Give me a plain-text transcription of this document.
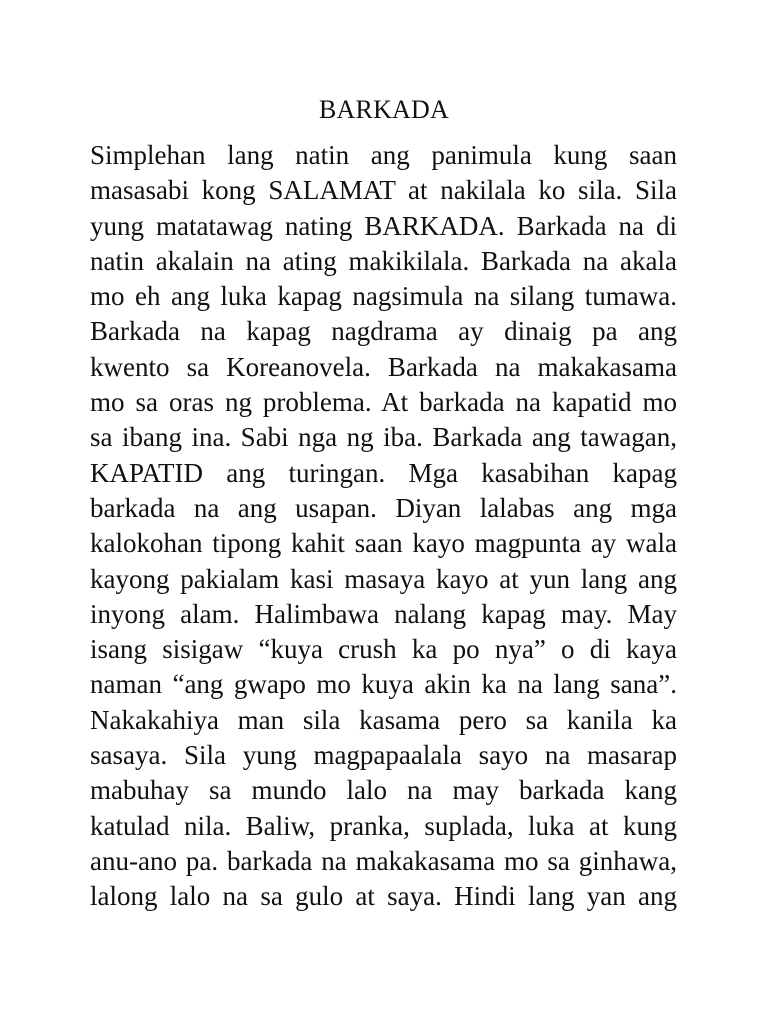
BARKADA
Simplehan lang natin ang panimula kung saan
masasabi kong SALAMAT at nakilala ko sila. Sila
yung matatawag nating BARKADA. Barkada na di
natin akalain na ating makikilala. Barkada na akala
mo eh ang luka kapag nagsimula na silang tumawa.
Barkada na kapag nagdrama ay dinaig pa ang
kwento sa Koreanovela. Barkada na makakasama
mo sa oras ng problema. At barkada na kapatid mo
sa ibang ina. Sabi nga ng iba. Barkada ang tawagan,
KAPATID ang turingan. Mga kasabihan kapag
barkada na ang usapan. Diyan lalabas ang mga
kalokohan tipong kahit saan kayo magpunta ay wala
kayong pakialam kasi masaya kayo at yun lang ang
inyong alam. Halimbawa nalang kapag may. May
isang sisigaw “kuya crush ka po nya” o di kaya
naman “ang gwapo mo kuya akin ka na lang sana”.
Nakakahiya man sila kasama pero sa kanila ka
sasaya. Sila yung magpapaalala sayo na masarap
mabuhay sa mundo lalo na may barkada kang
katulad nila. Baliw, pranka, suplada, luka at kung
anu-ano pa. barkada na makakasama mo sa ginhawa,
lalong lalo na sa gulo at saya. Hindi lang yan ang
